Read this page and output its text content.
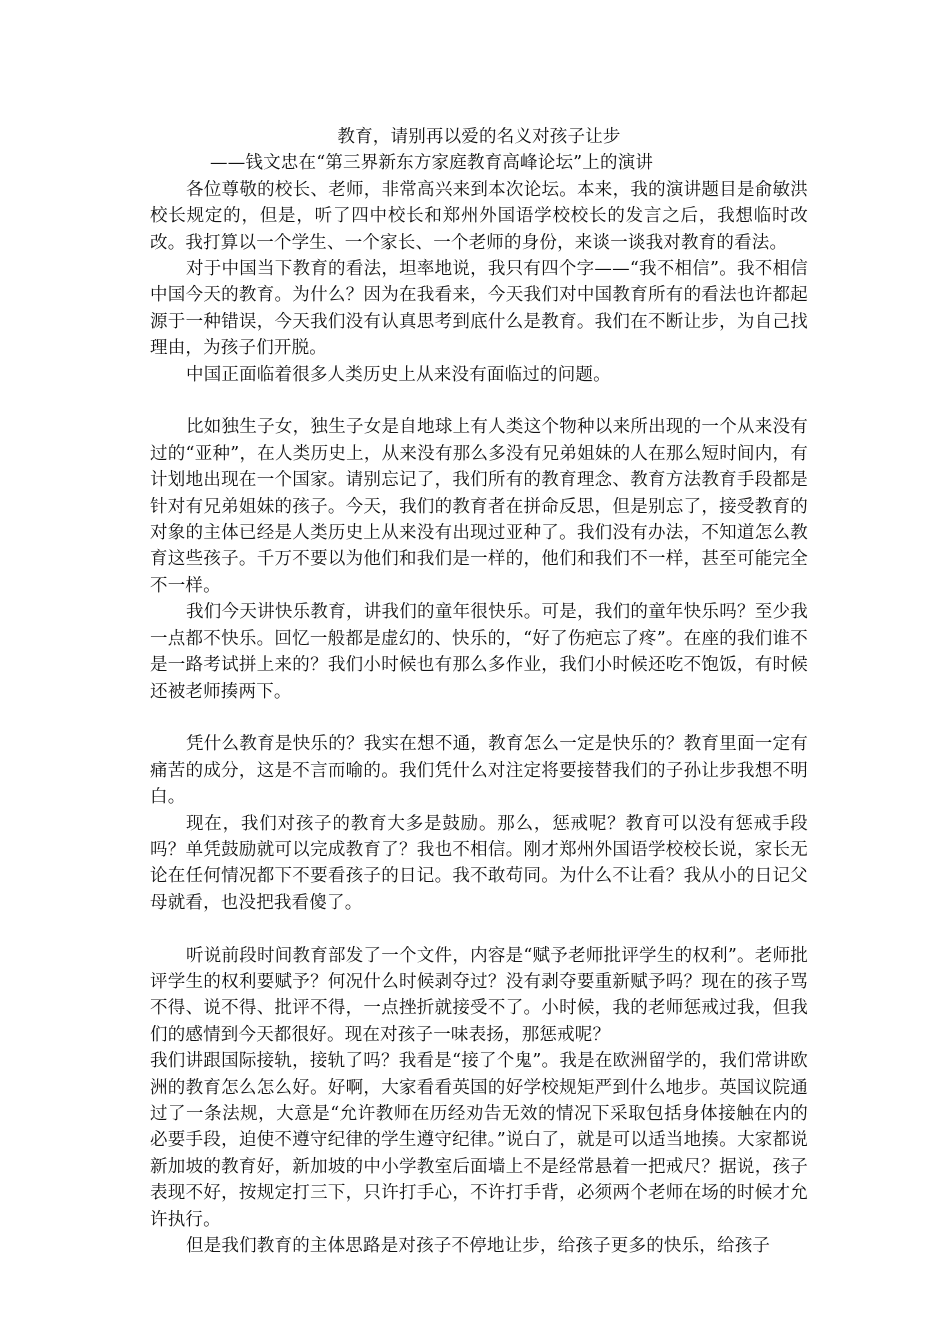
教育，请别再以爱的名义对孩子让步

——钱文忠在“第三界新东方家庭教育高峰论坛”上的演讲

各位尊敬的校长、老师，非常高兴来到本次论坛。本来，我的演讲题目是俞敏洪校长规定的，但是，听了四中校长和郑州外国语学校校长的发言之后，我想临时改改。我打算以一个学生、一个家长、一个老师的身份，来谈一谈我对教育的看法。

对于中国当下教育的看法，坦率地说，我只有四个字——“我不相信”。我不相信中国今天的教育。为什么？因为在我看来，今天我们对中国教育所有的看法也许都起源于一种错误，今天我们没有认真思考到底什么是教育。我们在不断让步，为自己找理由，为孩子们开脱。

中国正面临着很多人类历史上从来没有面临过的问题。

比如独生子女，独生子女是自地球上有人类这个物种以来所出现的一个从来没有过的“亚种”，在人类历史上，从来没有那么多没有兄弟姐妹的人在那么短时间内，有计划地出现在一个国家。请别忘记了，我们所有的教育理念、教育方法教育手段都是针对有兄弟姐妹的孩子。今天，我们的教育者在拼命反思，但是别忘了，接受教育的对象的主体已经是人类历史上从来没有出现过亚种了。我们没有办法，不知道怎么教育这些孩子。千万不要以为他们和我们是一样的，他们和我们不一样，甚至可能完全不一样。

我们今天讲快乐教育，讲我们的童年很快乐。可是，我们的童年快乐吗？至少我一点都不快乐。回忆一般都是虚幻的、快乐的，“好了伤疤忘了疼”。在座的我们谁不是一路考试拼上来的？我们小时候也有那么多作业，我们小时候还吃不饱饭，有时候还被老师揍两下。

凭什么教育是快乐的？我实在想不通，教育怎么一定是快乐的？教育里面一定有痛苦的成分，这是不言而喻的。我们凭什么对注定将要接替我们的子孙让步我想不明白。

现在，我们对孩子的教育大多是鼓励。那么，惩戒呢？教育可以没有惩戒手段吗？单凭鼓励就可以完成教育了？我也不相信。刚才郑州外国语学校校长说，家长无论在任何情况都下不要看孩子的日记。我不敢苟同。为什么不让看？我从小的日记父母就看，也没把我看傻了。

听说前段时间教育部发了一个文件，内容是“赋予老师批评学生的权利”。老师批评学生的权利要赋予？何况什么时候剥夺过？没有剥夺要重新赋予吗？现在的孩子骂不得、说不得、批评不得，一点挫折就接受不了。小时候，我的老师惩戒过我，但我们的感情到今天都很好。现在对孩子一味表扬，那惩戒呢？

我们讲跟国际接轨，接轨了吗？我看是“接了个鬼”。我是在欧洲留学的，我们常讲欧洲的教育怎么怎么好。好啊，大家看看英国的好学校规矩严到什么地步。英国议院通过了一条法规，大意是“允许教师在历经劝告无效的情况下采取包括身体接触在内的必要手段，迫使不遵守纪律的学生遵守纪律。”说白了，就是可以适当地揍。大家都说新加坡的教育好，新加坡的中小学教室后面墙上不是经常悬着一把戒尺？据说，孩子表现不好，按规定打三下，只许打手心，不许打手背，必须两个老师在场的时候才允许执行。

但是我们教育的主体思路是对孩子不停地让步，给孩子更多的快乐，给孩子
